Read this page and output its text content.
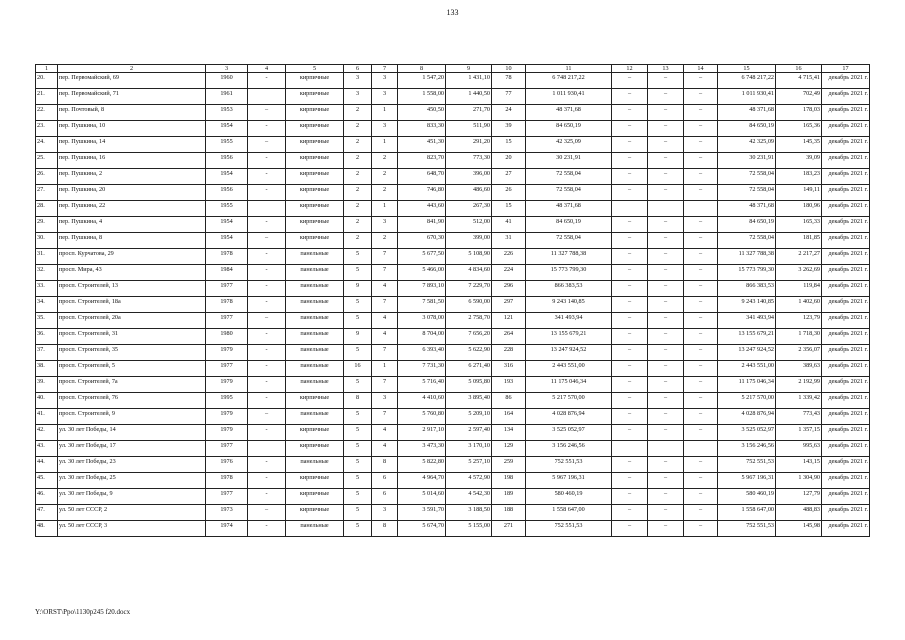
133
1	2	3	4	5	6	7	8	9	10	11	12	13	14	15	16	17
20.	пер. Первомайский, 69	1960	-	кирпичные	3	3	1 547,20	1 431,10	78	6 748 217,22	–	–	–	6 748 217,22	4 715,41	декабрь 2021 г.
21.	пер. Первомайский, 71	1961		кирпичные	3	3	1 558,00	1 440,50	77	1 011 930,41	–	–	–	1 011 930,41	702,49	декабрь 2021 г.
22.	пер. Почтовый, 8	1953	–	кирпичные	2	1	450,50	271,70	24	48 371,68	–	–	–	48 371,68	178,03	декабрь 2021 г.
23.	пер. Пушкина, 10	1954	-	кирпичные	2	3	833,30	511,90	39	84 650,19	–	–	–	84 650,19	165,36	декабрь 2021 г.
24.	пер. Пушкина, 14	1955	–	кирпичные	2	1	451,30	291,20	15	42 325,09	–	–	–	42 325,09	145,35	декабрь 2021 г.
25.	пер. Пушкина, 16	1956	-	кирпичные	2	2	823,70	773,30	20	30 231,91	–	–	–	30 231,91	39,09	декабрь 2021 г.
26.	пер. Пушкина, 2	1954	-	кирпичные	2	2	648,70	396,00	27	72 558,04	–	–	–	72 558,04	183,23	декабрь 2021 г.
27.	пер. Пушкина, 20	1956	-	кирпичные	2	2	746,80	486,60	26	72 558,04	–	–	–	72 558,04	149,11	декабрь 2021 г.
28.	пер. Пушкина, 22	1955		кирпичные	2	1	443,60	267,30	15	48 371,68				48 371,68	180,96	декабрь 2021 г.
29.	пер. Пушкина, 4	1954	-	кирпичные	2	3	841,90	512,00	41	84 650,19	–	–	–	84 650,19	165,33	декабрь 2021 г.
30.	пер. Пушкина, 8	1954	–	кирпичные	2	2	670,30	399,00	31	72 558,04	–	–	–	72 558,04	181,85	декабрь 2021 г.
31.	просп. Курчатова, 29	1978	-	панельные	5	7	5 677,50	5 108,90	226	11 327 788,38	–	–	–	11 327 788,38	2 217,27	декабрь 2021 г.
32.	просп. Мира, 43	1984	-	панельные	5	7	5 466,00	4 834,60	224	15 773 799,30	–	–	–	15 773 799,30	3 262,69	декабрь 2021 г.
33.	просп. Строителей, 13	1977	-	панельные	9	4	7 893,10	7 229,70	296	866 383,53	–	–	–	866 383,53	119,84	декабрь 2021 г.
34.	просп. Строителей, 18а	1978	-	панельные	5	7	7 581,50	6 590,00	297	9 243 140,85	–	–	–	9 243 140,85	1 402,60	декабрь 2021 г.
35.	просп. Строителей, 20а	1977	–	панельные	5	4	3 078,00	2 758,70	121	341 493,94	–	–	–	341 493,94	123,79	декабрь 2021 г.
36.	просп. Строителей, 31	1980	-	панельные	9	4	8 704,00	7 656,20	264	13 155 679,21	–	–	–	13 155 679,21	1 718,30	декабрь 2021 г.
37.	просп. Строителей, 35	1979	-	панельные	5	7	6 393,40	5 622,90	228	13 247 924,52	–	–	–	13 247 924,52	2 356,07	декабрь 2021 г.
38.	просп. Строителей, 5	1977	-	панельные	16	1	7 731,30	6 271,40	316	2 443 551,00	–	–	–	2 443 551,00	389,63	декабрь 2021 г.
39.	просп. Строителей, 7а	1979	-	панельные	5	7	5 716,40	5 095,80	193	11 175 046,34	–	–	–	11 175 046,34	2 192,99	декабрь 2021 г.
40.	просп. Строителей, 76	1995	-	кирпичные	8	3	4 410,60	3 895,40	86	5 217 570,00	–	–	–	5 217 570,00	1 339,42	декабрь 2021 г.
41.	просп. Строителей, 9	1979	–	панельные	5	7	5 760,80	5 209,10	164	4 028 876,94	–	–	–	4 028 876,94	773,43	декабрь 2021 г.
42.	ул. 30 лет Победы, 14	1979	-	кирпичные	5	4	2 917,10	2 597,40	134	3 525 052,97	–	–	–	3 525 052,97	1 357,15	декабрь 2021 г.
43.	ул. 30 лет Победы, 17	1977		кирпичные	5	4	3 473,30	3 170,10	129	3 156 246,56				3 156 246,56	995,63	декабрь 2021 г.
44.	ул. 30 лет Победы, 23	1976	-	панельные	5	8	5 822,80	5 257,10	259	752 551,53	–	–	–	752 551,53	143,15	декабрь 2021 г.
45.	ул. 30 лет Победы, 25	1978	-	кирпичные	5	6	4 964,70	4 572,90	198	5 967 196,31	–	–	–	5 967 196,31	1 304,90	декабрь 2021 г.
46.	ул. 30 лет Победы, 9	1977	-	кирпичные	5	6	5 014,60	4 542,30	189	580 460,19	–	–	–	580 460,19	127,79	декабрь 2021 г.
47.	ул. 50 лет СССР, 2	1973	–	кирпичные	5	3	3 591,70	3 188,50	188	1 558 647,00	–	–	–	1 558 647,00	488,83	декабрь 2021 г.
48.	ул. 50 лет СССР, 3	1974	-	панельные	5	8	5 674,70	5 155,00	271	752 551,53	–	–	–	752 551,53	145,98	декабрь 2021 г.
Y:\ORST\Ppo\1130p245 f20.docx
